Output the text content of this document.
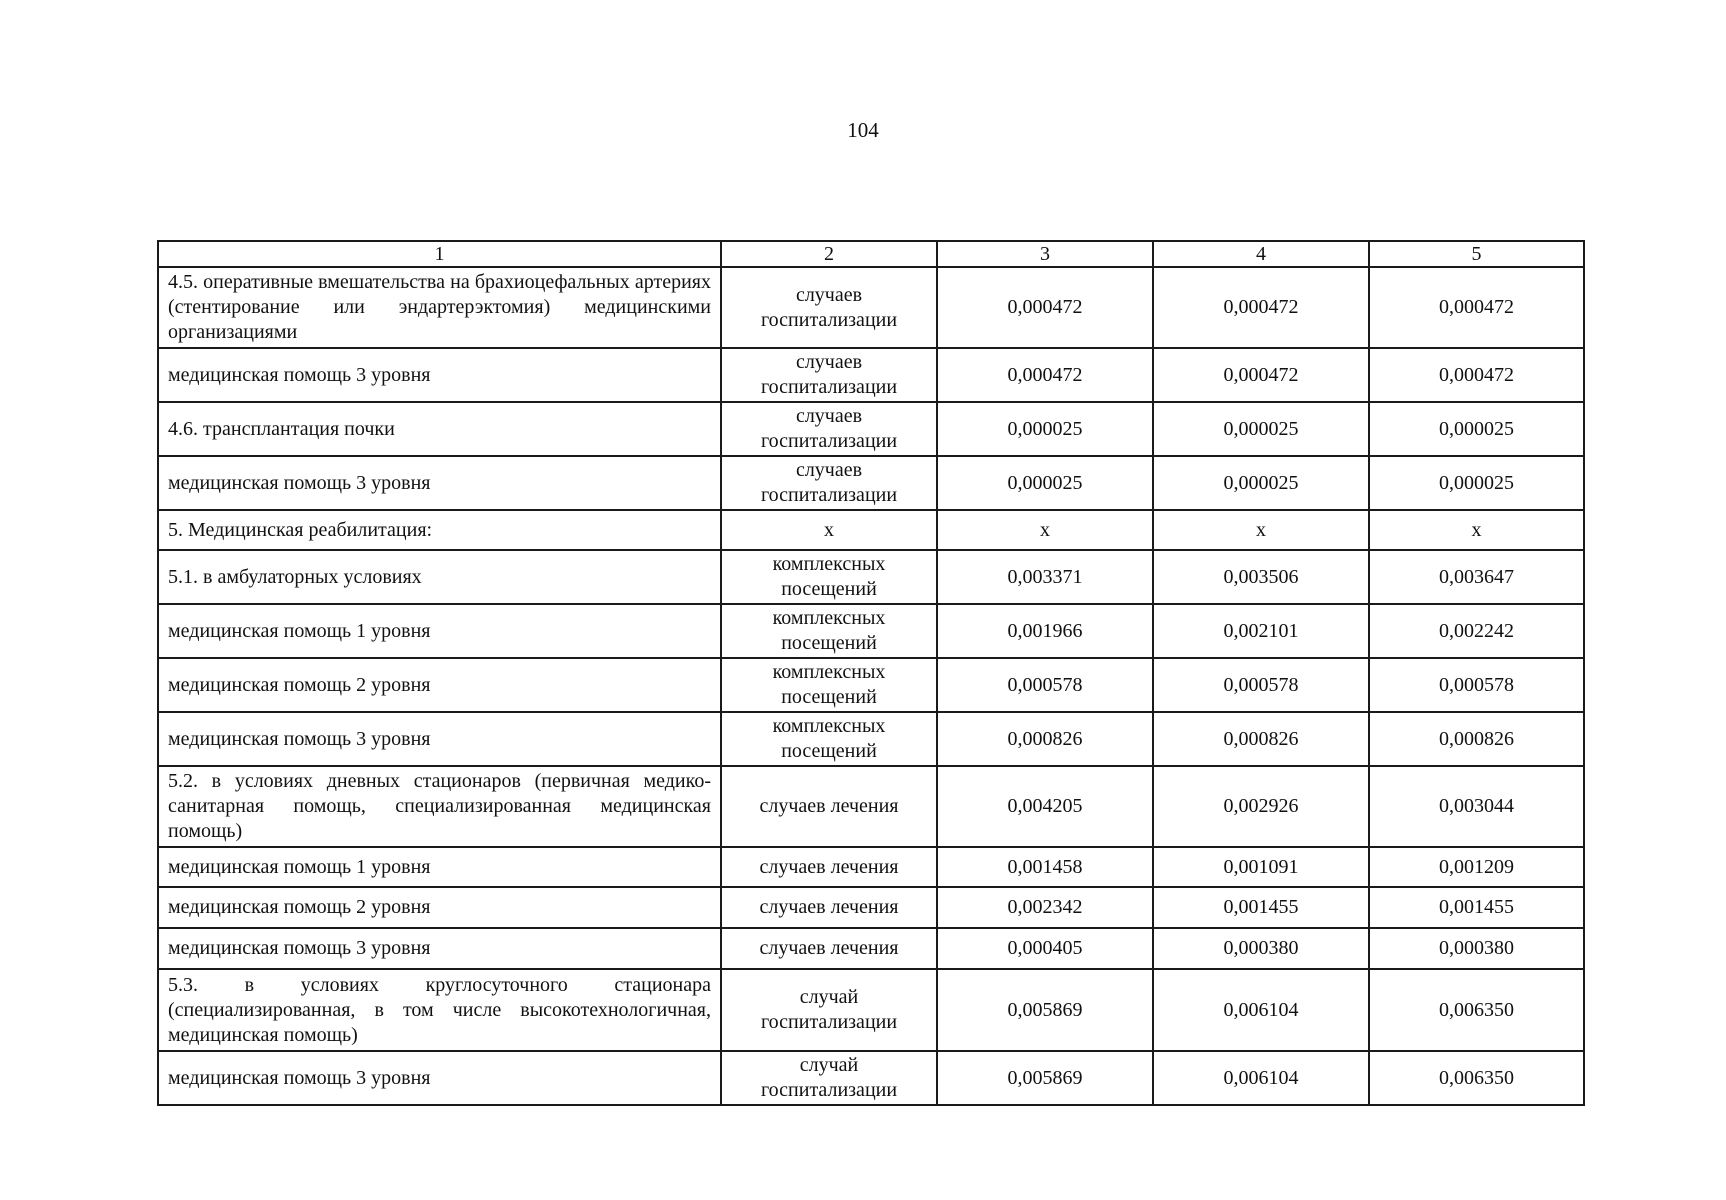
104
1	2	3	4	5
4.5. оперативные вмешательства на брахиоцефальных артериях (стентирование или эндартерэктомия) медицинскими организациями	случаев госпитализации	0,000472	0,000472	0,000472
медицинская помощь 3 уровня	случаев госпитализации	0,000472	0,000472	0,000472
4.6. трансплантация почки	случаев госпитализации	0,000025	0,000025	0,000025
медицинская помощь 3 уровня	случаев госпитализации	0,000025	0,000025	0,000025
5. Медицинская реабилитация:	х	х	х	х
5.1. в амбулаторных условиях	комплексных посещений	0,003371	0,003506	0,003647
медицинская помощь 1 уровня	комплексных посещений	0,001966	0,002101	0,002242
медицинская помощь 2 уровня	комплексных посещений	0,000578	0,000578	0,000578
медицинская помощь 3 уровня	комплексных посещений	0,000826	0,000826	0,000826
5.2. в условиях дневных стационаров (первичная медико-санитарная помощь, специализированная медицинская помощь)	случаев лечения	0,004205	0,002926	0,003044
медицинская помощь 1 уровня	случаев лечения	0,001458	0,001091	0,001209
медицинская помощь 2 уровня	случаев лечения	0,002342	0,001455	0,001455
медицинская помощь 3 уровня	случаев лечения	0,000405	0,000380	0,000380
5.3. в условиях круглосуточного стационара (специализированная, в том числе высокотехнологичная, медицинская помощь)	случай госпитализации	0,005869	0,006104	0,006350
медицинская помощь 3 уровня	случай госпитализации	0,005869	0,006104	0,006350
